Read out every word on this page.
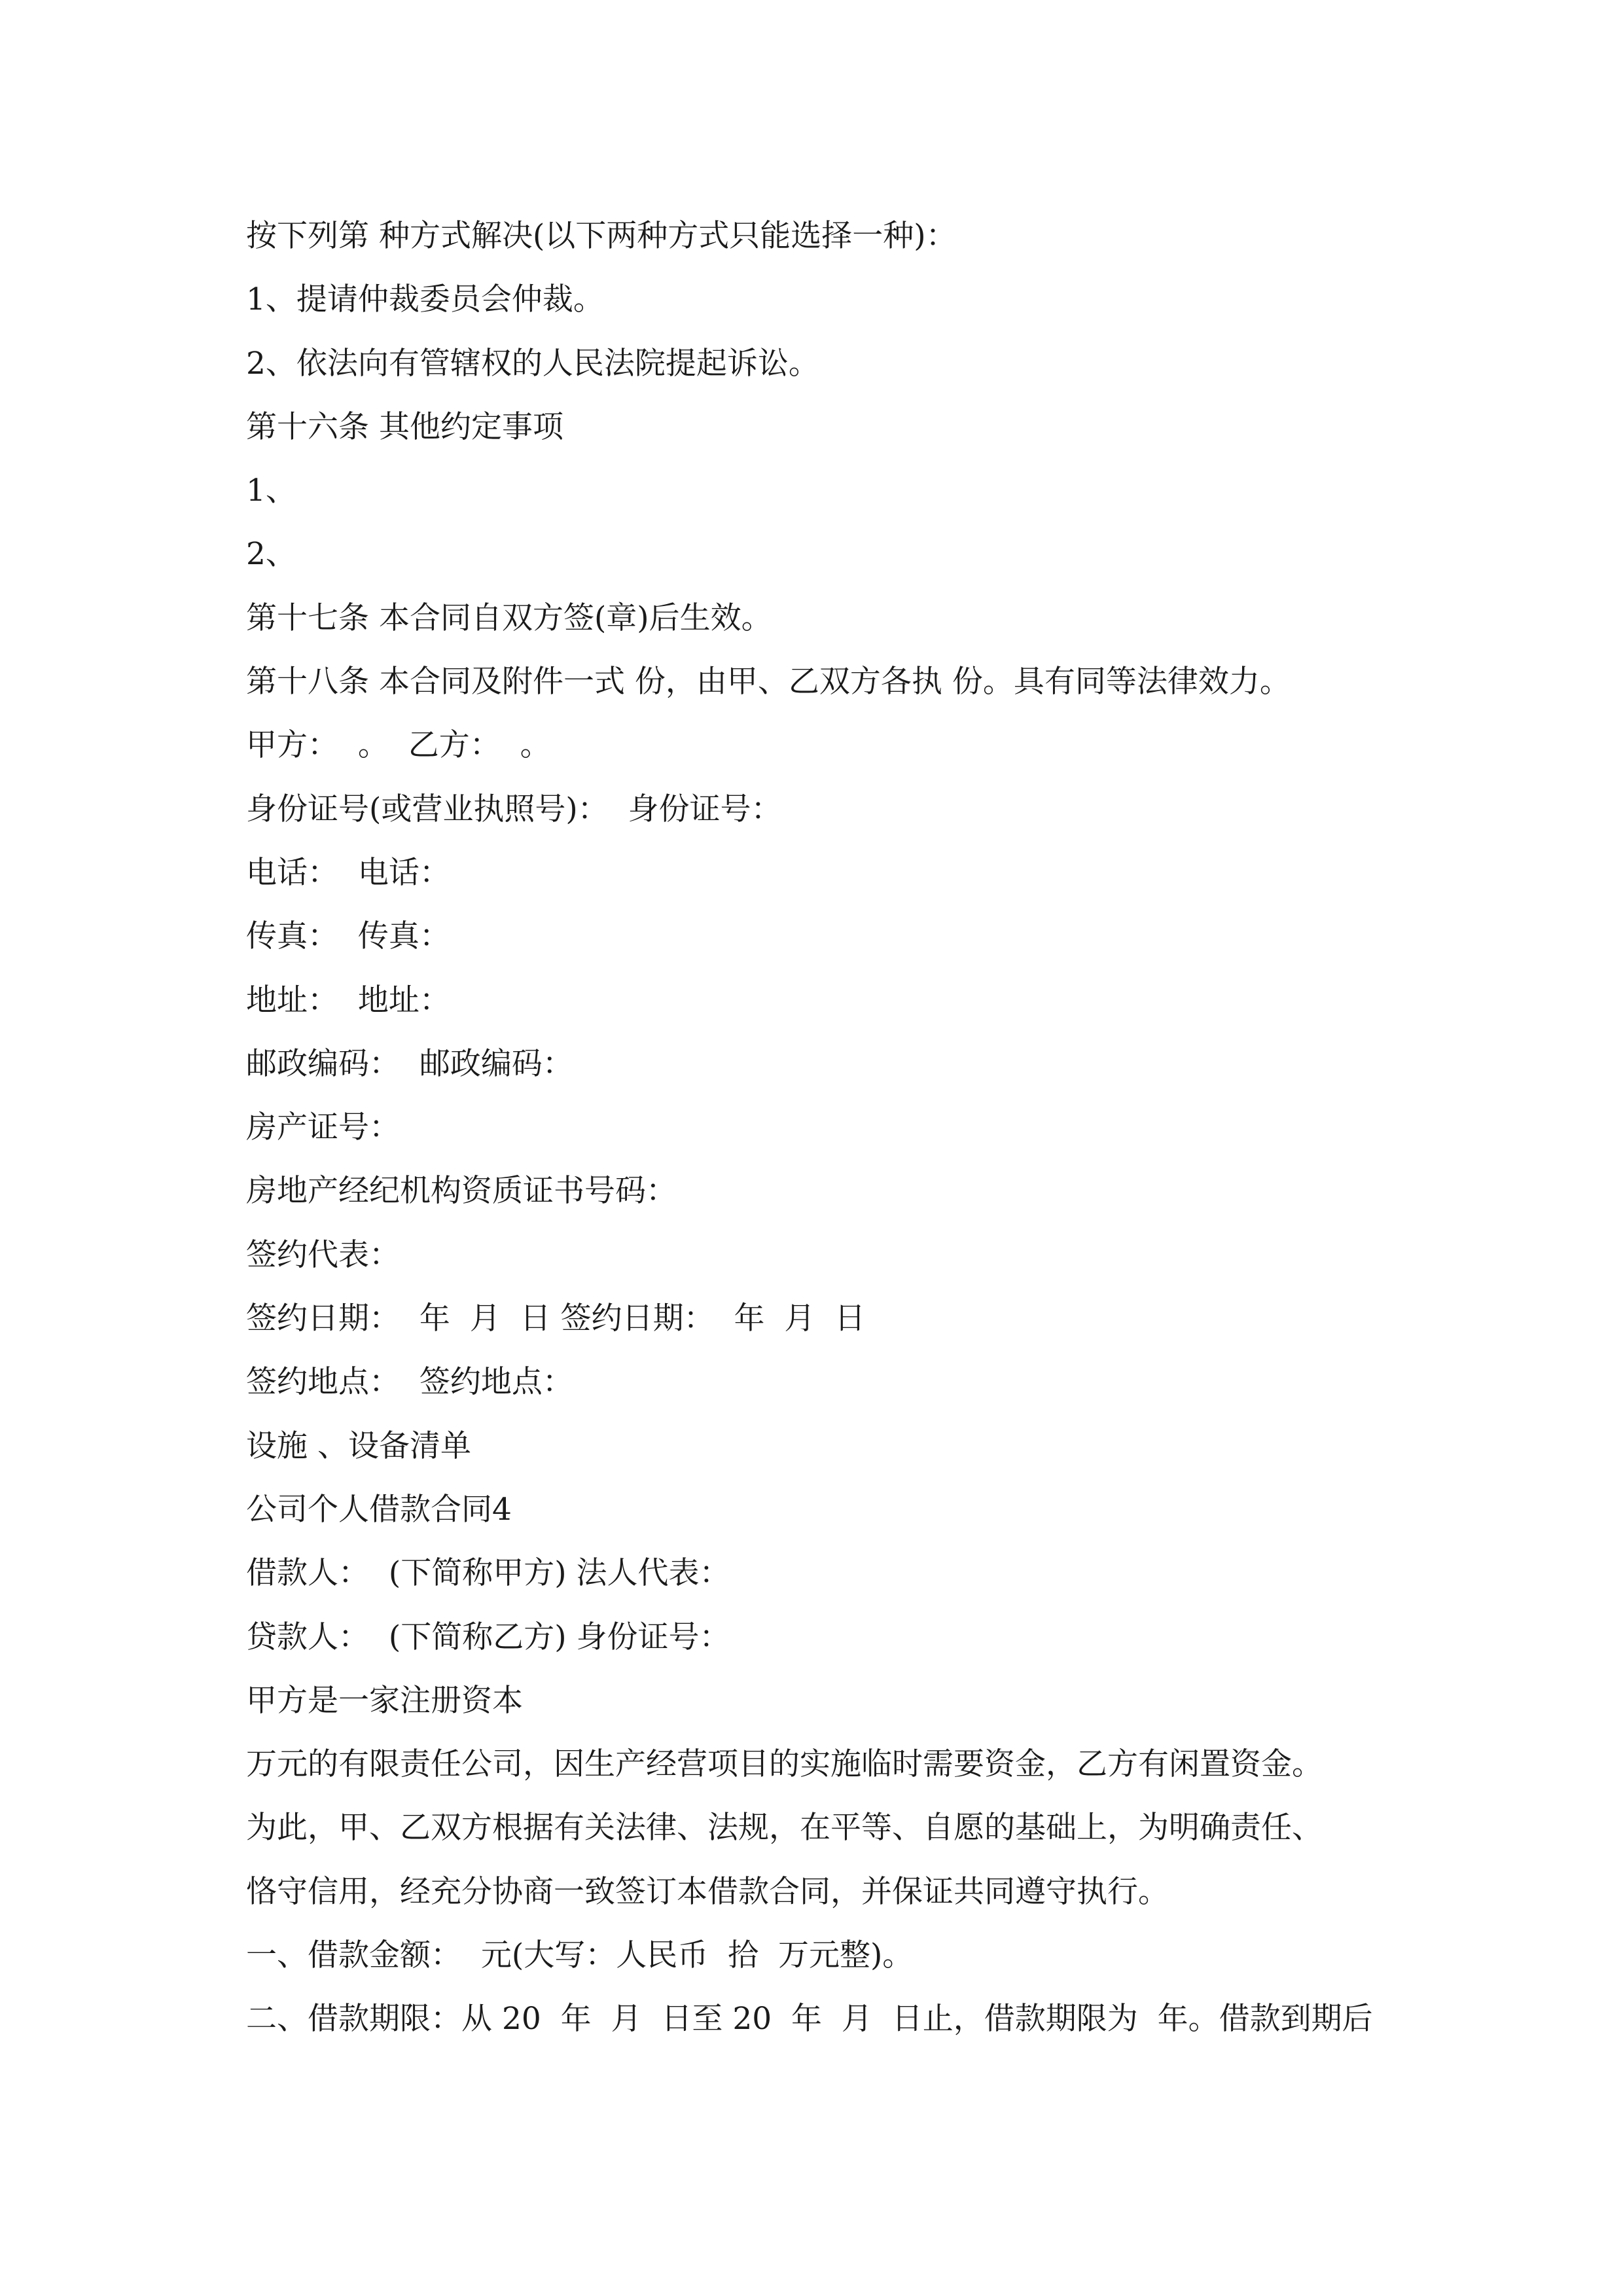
按下列第 种方式解决(以下两种方式只能选择一种)：
1、提请仲裁委员会仲裁。
2、依法向有管辖权的人民法院提起诉讼。
第十六条 其他约定事项
1、
2、
第十七条 本合同自双方签(章)后生效。
第十八条 本合同及附件一式 份，由甲、乙双方各执 份。具有同等法律效力。
甲方：  。  乙方：  。
身份证号(或营业执照号)：  身份证号：
电话：  电话：
传真：  传真：
地址：  地址：
邮政编码：  邮政编码：
房产证号：
房地产经纪机构资质证书号码：
签约代表：
签约日期：  年  月  日 签约日期：  年  月  日
签约地点：  签约地点：
设施 、设备清单
公司个人借款合同4
借款人：  (下简称甲方) 法人代表：
贷款人：  (下简称乙方) 身份证号：
甲方是一家注册资本
万元的有限责任公司，因生产经营项目的实施临时需要资金，乙方有闲置资金。
为此，甲、乙双方根据有关法律、法规，在平等、自愿的基础上，为明确责任、
恪守信用，经充分协商一致签订本借款合同，并保证共同遵守执行。
一、借款金额：  元(大写：人民币  拾  万元整)。
二、借款期限：从 20  年  月  日至 20  年  月  日止，借款期限为  年。借款到期后
